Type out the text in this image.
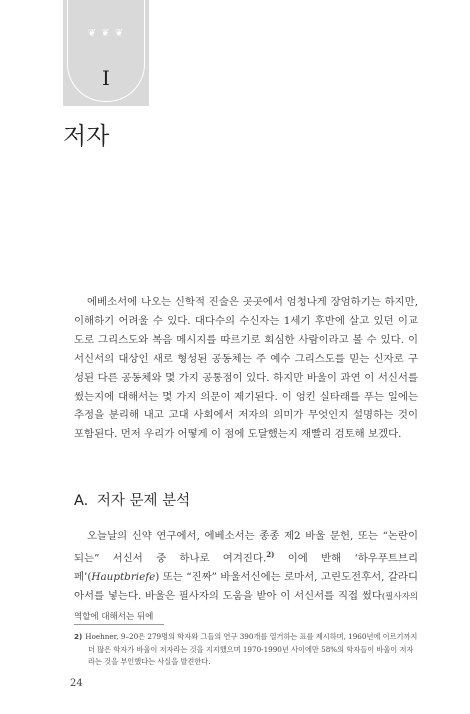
❦ ❦ ❦
I
저자

에베소서에 나오는 신학적 진술은 곳곳에서 엄청나게 장엄하기는 하지만, 이해하기 어려울 수 있다. 대다수의 수신자는 1세기 후반에 살고 있던 이교도로 그리스도와 복음 메시지를 따르기로 회심한 사람이라고 볼 수 있다. 이 서신서의 대상인 새로 형성된 공동체는 주 예수 그리스도를 믿는 신자로 구성된 다른 공동체와 몇 가지 공통점이 있다. 하지만 바울이 과연 이 서신서를 썼는지에 대해서는 몇 가지 의문이 제기된다. 이 엉킨 실타래를 푸는 일에는 추정을 분리해 내고 고대 사회에서 저자의 의미가 무엇인지 설명하는 것이 포함된다. 먼저 우리가 어떻게 이 점에 도달했는지 재빨리 검토해 보겠다.

A. 저자 문제 분석

오늘날의 신약 연구에서, 에베소서는 종종 제2 바울 문헌, 또는 “논란이 되는” 서신서 중 하나로 여겨진다.$^{2)}$ 이에 반해 ‘하우푸트브리페’(Hauptbriefe) 또는 “진짜” 바울서신에는 로마서, 고린도전후서, 갈라디아서를 넣는다. 바울은 필사자의 도움을 받아 이 서신서를 직접 썼다(필사자의 역할에 대해서는 뒤에

2) Hoehner, 9–20은 279명의 학자와 그들의 연구 390개를 열거하는 표를 제시하며, 1960년에 이르기까지 더 많은 학자가 바울이 저자라는 것을 지지했으며 1970-1990년 사이에만 58%의 학자들이 바울이 저자라는 것을 부인했다는 사실을 발견한다.
24
